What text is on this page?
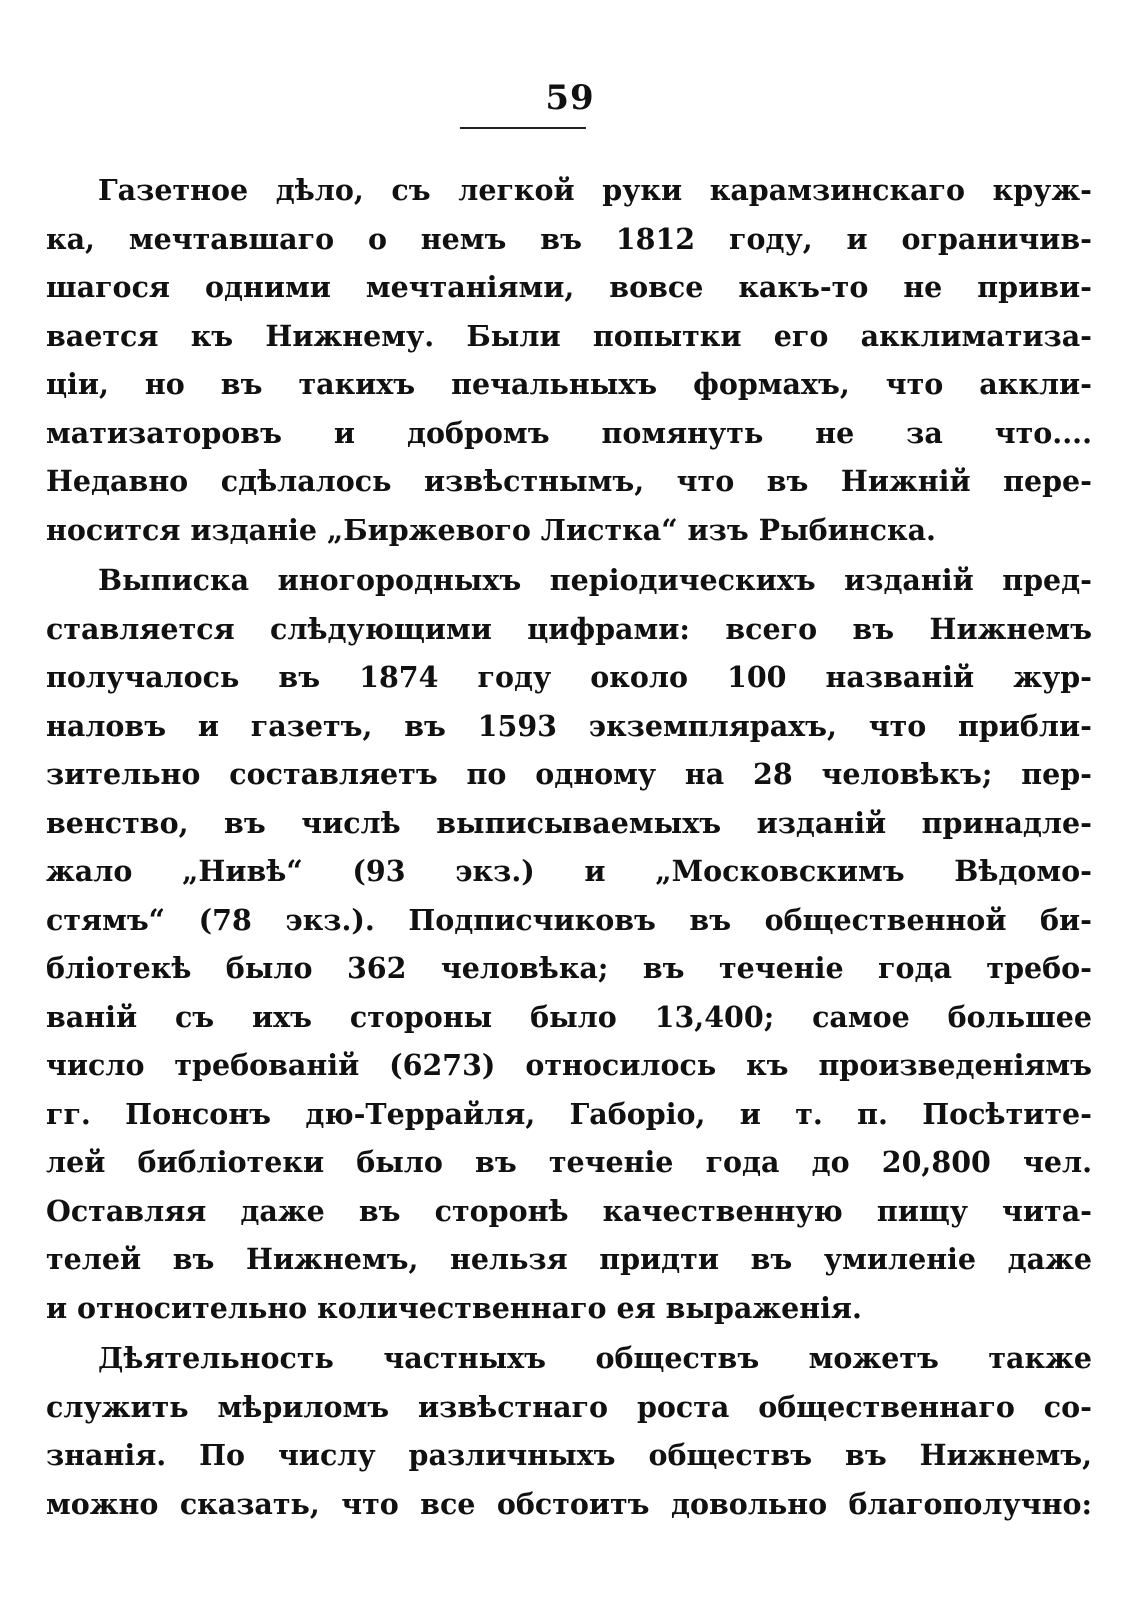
59
Газетное дѣло, съ легкой руки карамзинскаго круж-
ка, мечтавшаго о немъ въ 1812 году, и ограничив-
шагося одними мечтаніями, вовсе какъ-то не приви-
вается къ Нижнему. Были попытки его акклиматиза-
ціи, но въ такихъ печальныхъ формахъ, что аккли-
матизаторовъ и добромъ помянуть не за что....
Недавно сдѣлалось извѣстнымъ, что въ Нижній пере-
носится изданіе „Биржевого Листка“ изъ Рыбинска.
Выписка иногородныхъ періодическихъ изданій пред-
ставляется слѣдующими цифрами: всего въ Нижнемъ
получалось въ 1874 году около 100 названій жур-
наловъ и газетъ, въ 1593 экземплярахъ, что прибли-
зительно составляетъ по одному на 28 человѣкъ; пер-
венство, въ числѣ выписываемыхъ изданій принадле-
жало „Нивѣ“ (93 экз.) и „Московскимъ Вѣдомо-
стямъ“ (78 экз.). Подписчиковъ въ общественной би-
бліотекѣ было 362 человѣка; въ теченіе года требо-
ваній съ ихъ стороны было 13,400; самое большее
число требованій (6273) относилось къ произведеніямъ
гг. Понсонъ дю-Террайля, Габоріо, и т. п. Посѣтите-
лей библіотеки было въ теченіе года до 20,800 чел.
Оставляя даже въ сторонѣ качественную пищу чита-
телей въ Нижнемъ, нельзя придти въ умиленіе даже
и относительно количественнаго ея выраженія.
Дѣятельность частныхъ обществъ можетъ также
служить мѣриломъ извѣстнаго роста общественнаго со-
знанія. По числу различныхъ обществъ въ Нижнемъ,
можно сказать, что все обстоитъ довольно благополучно:
